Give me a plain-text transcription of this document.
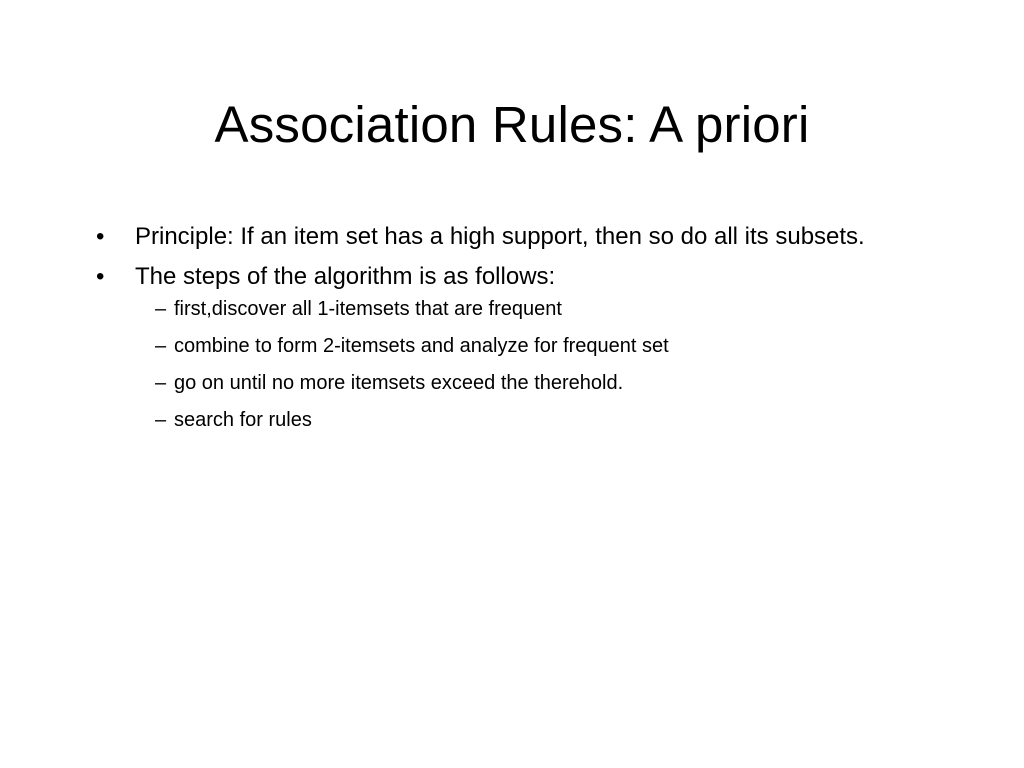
Association Rules: A priori
•	Principle: If an item set has a high support, then so do all its subsets.
•	The steps of the algorithm is as follows:
– first,discover all 1-itemsets that are frequent
– combine to form 2-itemsets and analyze for frequent set
– go on until no more itemsets exceed the therehold.
– search for rules
